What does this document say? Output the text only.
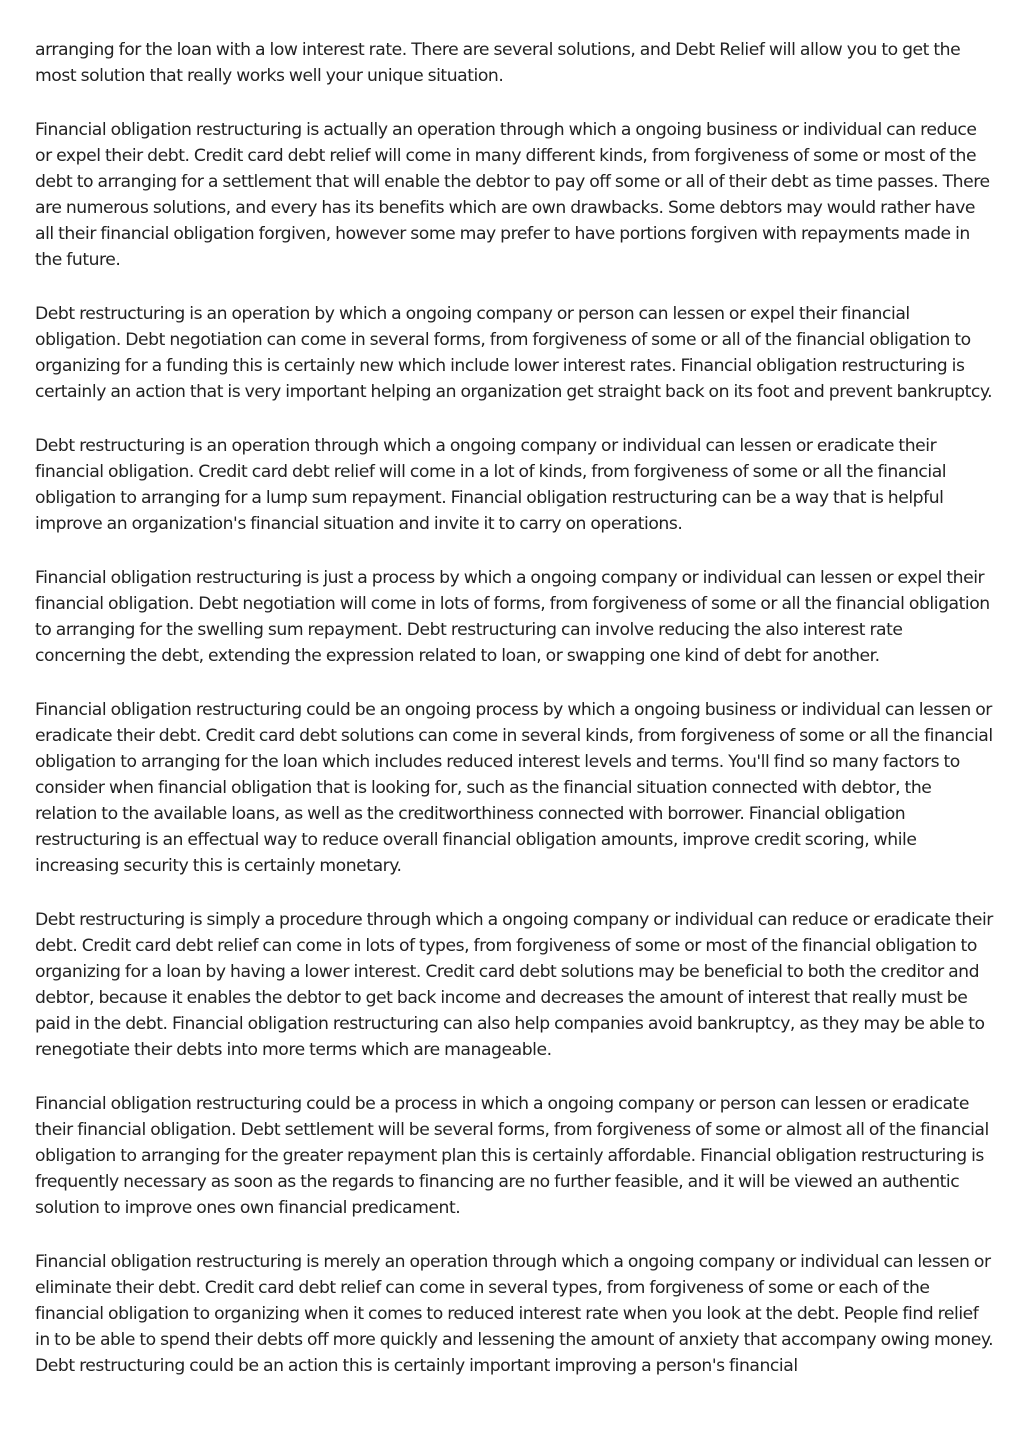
arranging for the loan with a low interest rate. There are several solutions, and Debt Relief will allow you to get the most solution that really works well your unique situation.

Financial obligation restructuring is actually an operation through which a ongoing business or individual can reduce or expel their debt. Credit card debt relief will come in many different kinds, from forgiveness of some or most of the debt to arranging for a settlement that will enable the debtor to pay off some or all of their debt as time passes. There are numerous solutions, and every has its benefits which are own drawbacks. Some debtors may would rather have all their financial obligation forgiven, however some may prefer to have portions forgiven with repayments made in the future.

Debt restructuring is an operation by which a ongoing company or person can lessen or expel their financial obligation. Debt negotiation can come in several forms, from forgiveness of some or all of the financial obligation to organizing for a funding this is certainly new which include lower interest rates. Financial obligation restructuring is certainly an action that is very important helping an organization get straight back on its foot and prevent bankruptcy.

Debt restructuring is an operation through which a ongoing company or individual can lessen or eradicate their financial obligation. Credit card debt relief will come in a lot of kinds, from forgiveness of some or all the financial obligation to arranging for a lump sum repayment. Financial obligation restructuring can be a way that is helpful improve an organization's financial situation and invite it to carry on operations.

Financial obligation restructuring is just a process by which a ongoing company or individual can lessen or expel their financial obligation. Debt negotiation will come in lots of forms, from forgiveness of some or all the financial obligation to arranging for the swelling sum repayment. Debt restructuring can involve reducing the also interest rate concerning the debt, extending the expression related to loan, or swapping one kind of debt for another.

Financial obligation restructuring could be an ongoing process by which a ongoing business or individual can lessen or eradicate their debt. Credit card debt solutions can come in several kinds, from forgiveness of some or all the financial obligation to arranging for the loan which includes reduced interest levels and terms. You'll find so many factors to consider when financial obligation that is looking for, such as the financial situation connected with debtor, the relation to the available loans, as well as the creditworthiness connected with borrower. Financial obligation restructuring is an effectual way to reduce overall financial obligation amounts, improve credit scoring, while increasing security this is certainly monetary.

Debt restructuring is simply a procedure through which a ongoing company or individual can reduce or eradicate their debt. Credit card debt relief can come in lots of types, from forgiveness of some or most of the financial obligation to organizing for a loan by having a lower interest. Credit card debt solutions may be beneficial to both the creditor and debtor, because it enables the debtor to get back income and decreases the amount of interest that really must be paid in the debt. Financial obligation restructuring can also help companies avoid bankruptcy, as they may be able to renegotiate their debts into more terms which are manageable.

Financial obligation restructuring could be a process in which a ongoing company or person can lessen or eradicate their financial obligation. Debt settlement will be several forms, from forgiveness of some or almost all of the financial obligation to arranging for the greater repayment plan this is certainly affordable. Financial obligation restructuring is frequently necessary as soon as the regards to financing are no further feasible, and it will be viewed an authentic solution to improve ones own financial predicament.

Financial obligation restructuring is merely an operation through which a ongoing company or individual can lessen or eliminate their debt. Credit card debt relief can come in several types, from forgiveness of some or each of the financial obligation to organizing when it comes to reduced interest rate when you look at the debt. People find relief in to be able to spend their debts off more quickly and lessening the amount of anxiety that accompany owing money. Debt restructuring could be an action this is certainly important improving a person's financial
